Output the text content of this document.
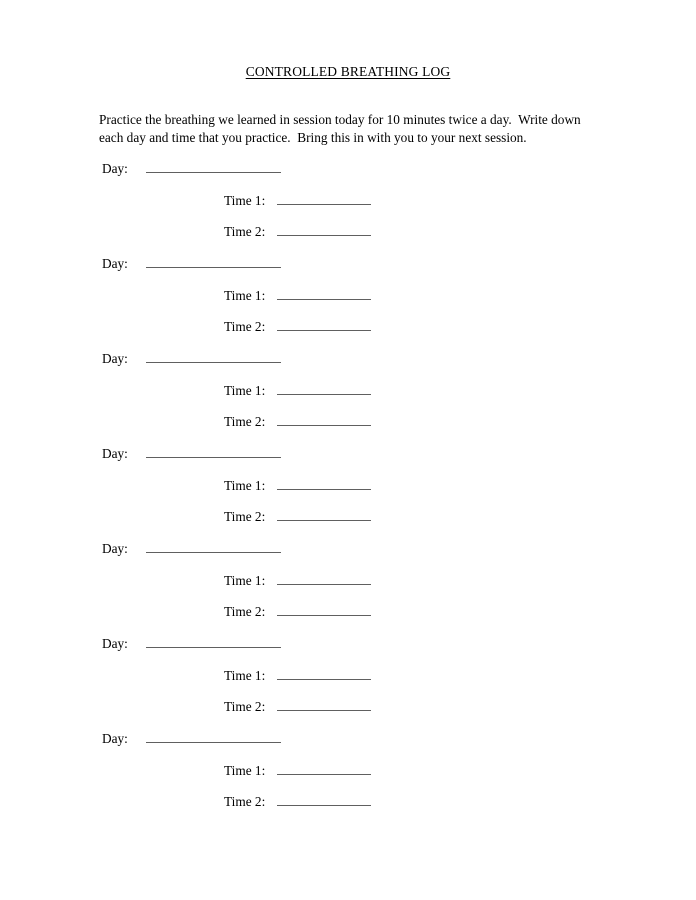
CONTROLLED BREATHING LOG

Practice the breathing we learned in session today for 10 minutes twice a day.  Write down each day and time that you practice.  Bring this in with you to your next session.

Day:
Time 1:
Time 2:
Day:
Time 1:
Time 2:
Day:
Time 1:
Time 2:
Day:
Time 1:
Time 2:
Day:
Time 1:
Time 2:
Day:
Time 1:
Time 2:
Day:
Time 1:
Time 2:
